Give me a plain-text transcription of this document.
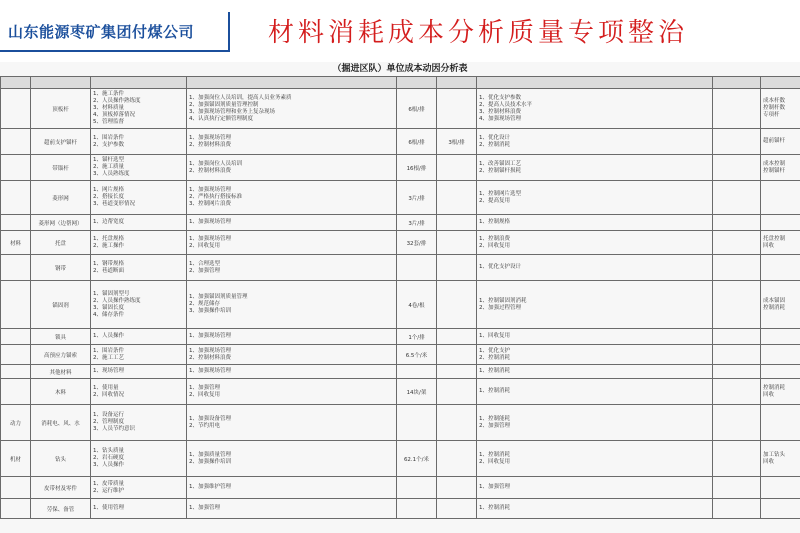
山东能源枣矿集团付煤公司	材料消耗成本分析质量专项整治
（掘进区队）单位成本动因分析表

	顶板杆	1、施工条件
2、人员操作熟练度
3、材料质量
4、顶板掉落情况
5、管理监督	1、加强岗位人员培训，提高人员业务素质
2、加强锚固剂质量管理控制
3、加强现场管理和业务上复杂现场
4、认真执行定额管理制度	6根/排		1、优化支护参数
2、提高人员技术水平
3、控制材料浪费
4、加强现场管理		成本杆数
控制杆数
专项杆

	超前支护锚杆	1、围岩条件
2、支护参数	1、加强现场管理
2、控制材料浪费	6根/排	3根/排	1、优化设计
2、控制消耗		超前锚杆

	带锚杆	1、锚杆选型
2、施工质量
3、人员熟练度	1、加强岗位人员培训
2、控制材料浪费	16根/排		1、改善锚固工艺
2、控制锚杆损耗		成本控制
控制锚杆

	菱形网	1、网片规格
2、搭接长度
3、巷道变形情况	1、加强现场管理
2、严格执行搭接标准
3、控制网片浪费	3片/排		1、控制网片选型
2、提高复用		

	菱形网（边帮网）	1、边帮宽度	1、加强现场管理	3片/排		1、控制规格		

材料	托盘	1、托盘规格
2、施工操作	1、加强现场管理
2、回收复用	32套/排		1、控制浪费
2、回收复用		托盘控制
回收

	钢带	1、钢带规格
2、巷道断面	1、合理选型
2、加强管理			1、优化支护设计		

	锚固剂	1、锚固剂型号
2、人员操作熟练度
3、锚固长度
4、储存条件	1、加强锚固剂质量管理
2、规范储存
3、加强操作培训	4卷/根		1、控制锚固剂消耗
2、加强过程管理		成本锚固
控制消耗

	锁具	1、人员操作	1、加强现场管理	1个/排		1、回收复用		

	高预应力锚索	1、围岩条件
2、施工工艺	1、加强现场管理
2、控制材料浪费	6.5个/米		1、优化支护
2、控制消耗		

	其他材料	1、现场管理	1、加强现场管理			1、控制消耗		

	木料	1、使用量
2、回收情况	1、加强管理
2、回收复用	14块/架		1、控制消耗		控制消耗
回收

动力	消耗电、风、水	1、设备运行
2、管理制度
3、人员节约意识	1、加强设备管理
2、节约用电			1、控制能耗
2、加强管理		

机材	钻头	1、钻头质量
2、岩石硬度
3、人员操作	1、加强质量管理
2、加强操作培训	62.1个/米		1、控制消耗
2、回收复用		加工钻头
回收

	皮带材及零件	1、皮带质量
2、运行维护	1、加强维护管理			1、加强管理		

	劳保、备管	1、使用管理	1、加强管理			1、控制消耗		
